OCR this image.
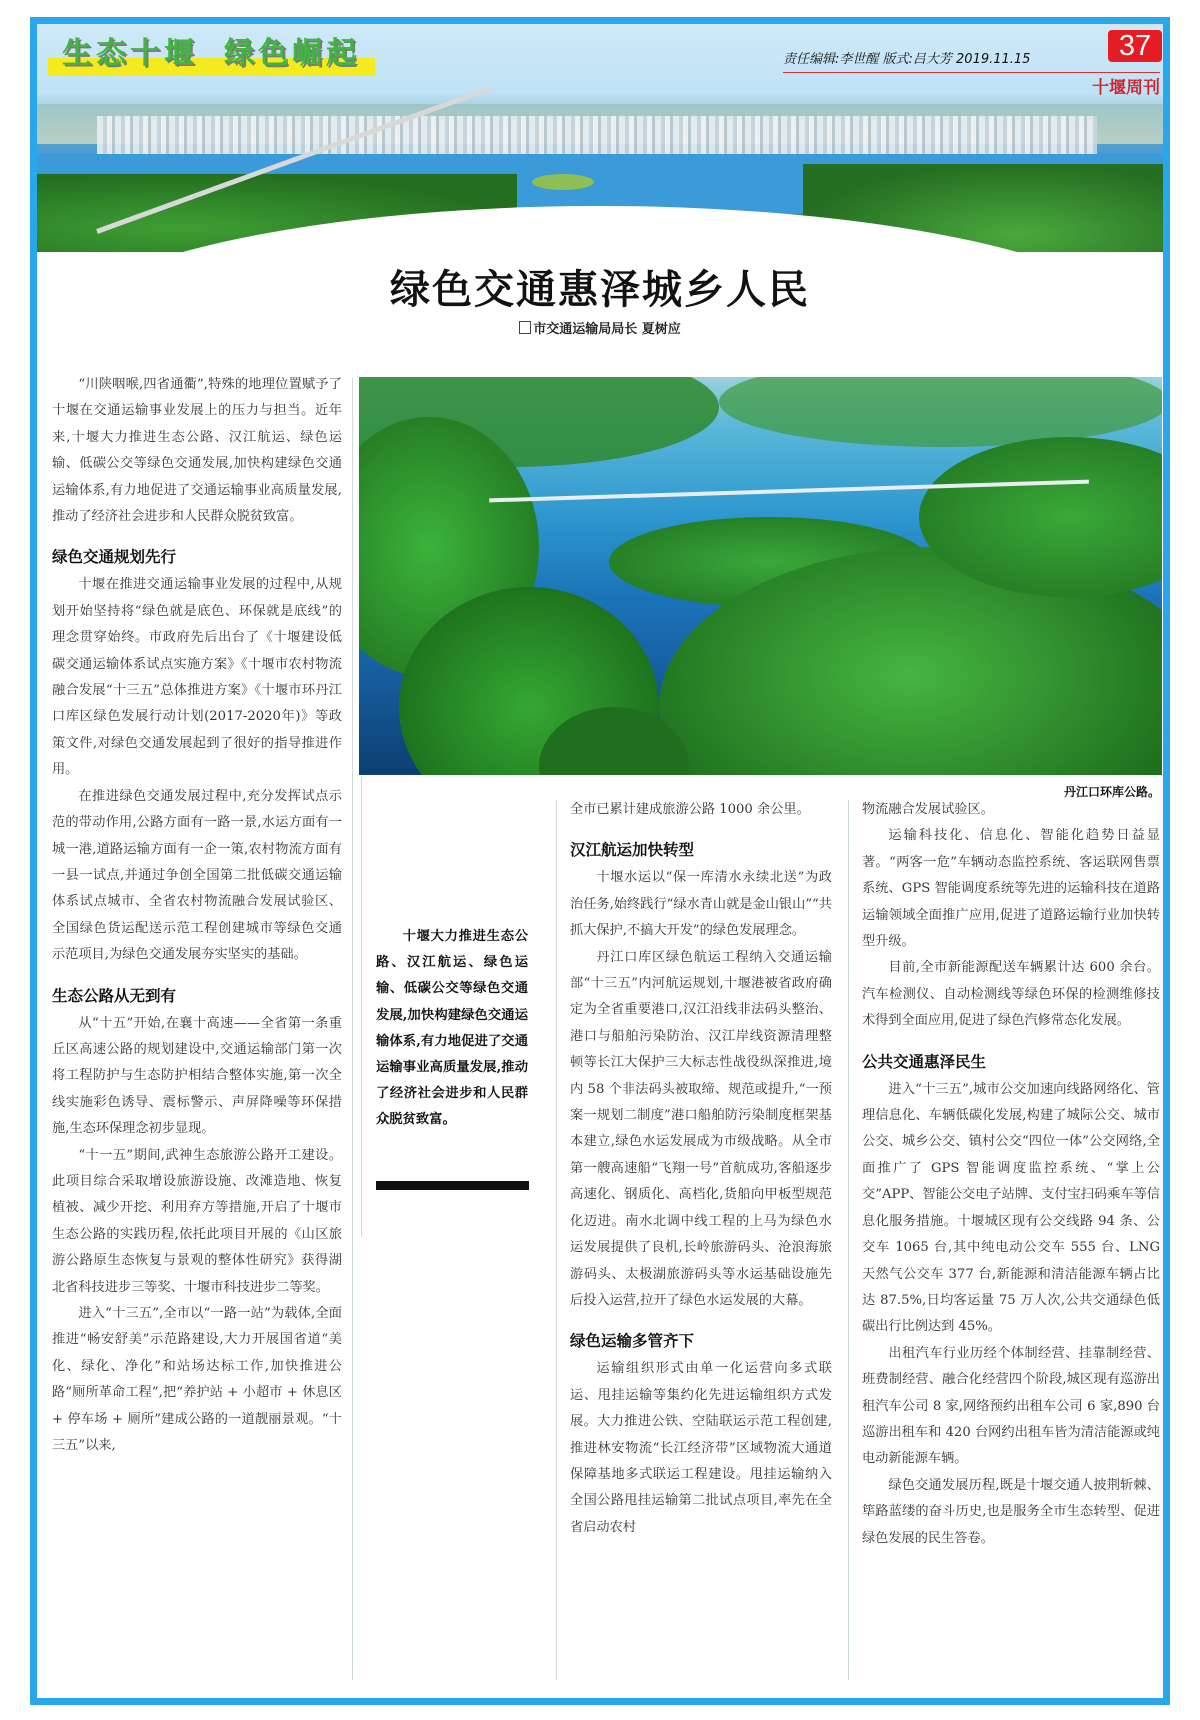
生态十堰 绿色崛起	责任编辑:李世醒 版式:吕大芳 2019.11.15	37
十堰周刊
绿色交通惠泽城乡人民
市交通运输局局长 夏树应

“川陕咽喉,四省通衢”,特殊的地理位置赋予了十堰在交通运输事业发展上的压力与担当。近年来,十堰大力推进生态公路、汉江航运、绿色运输、低碳公交等绿色交通发展,加快构建绿色交通运输体系,有力地促进了交通运输事业高质量发展,推动了经济社会进步和人民群众脱贫致富。

绿色交通规划先行

十堰在推进交通运输事业发展的过程中,从规划开始坚持将“绿色就是底色、环保就是底线”的理念贯穿始终。市政府先后出台了《十堰建设低碳交通运输体系试点实施方案》《十堰市农村物流融合发展“十三五”总体推进方案》《十堰市环丹江口库区绿色发展行动计划(2017-2020年)》等政策文件,对绿色交通发展起到了很好的指导推进作用。

在推进绿色交通发展过程中,充分发挥试点示范的带动作用,公路方面有一路一景,水运方面有一城一港,道路运输方面有一企一策,农村物流方面有一县一试点,并通过争创全国第二批低碳交通运输体系试点城市、全省农村物流融合发展试验区、全国绿色货运配送示范工程创建城市等绿色交通示范项目,为绿色交通发展夯实坚实的基础。

生态公路从无到有

从“十五”开始,在襄十高速——全省第一条重丘区高速公路的规划建设中,交通运输部门第一次将工程防护与生态防护相结合整体实施,第一次全线实施彩色诱导、震标警示、声屏降噪等环保措施,生态环保理念初步显现。

“十一五”期间,武神生态旅游公路开工建设。此项目综合采取增设旅游设施、改滩造地、恢复植被、减少开挖、利用弃方等措施,开启了十堰市生态公路的实践历程,依托此项目开展的《山区旅游公路原生态恢复与景观的整体性研究》获得湖北省科技进步三等奖、十堰市科技进步二等奖。

进入“十三五”,全市以“一路一站”为载体,全面推进“畅安舒美”示范路建设,大力开展国省道“美化、绿化、净化”和站场达标工作,加快推进公路“厕所革命工程”,把“养护站 + 小超市 + 休息区 + 停车场 + 厕所”建成公路的一道靓丽景观。“十三五”以来,

丹江口环库公路。

十堰大力推进生态公路、汉江航运、绿色运输、低碳公交等绿色交通发展,加快构建绿色交通运输体系,有力地促进了交通运输事业高质量发展,推动了经济社会进步和人民群众脱贫致富。

全市已累计建成旅游公路 1000 余公里。

汉江航运加快转型

十堰水运以“保一库清水永续北送”为政治任务,始终践行“绿水青山就是金山银山”“共抓大保护,不搞大开发”的绿色发展理念。

丹江口库区绿色航运工程纳入交通运输部“十三五”内河航运规划,十堰港被省政府确定为全省重要港口,汉江沿线非法码头整治、港口与船舶污染防治、汉江岸线资源清理整顿等长江大保护三大标志性战役纵深推进,境内 58 个非法码头被取缔、规范或提升,“一预案一规划二制度”港口船舶防污染制度框架基本建立,绿色水运发展成为市级战略。从全市第一艘高速船“飞翔一号”首航成功,客船逐步高速化、钢质化、高档化,货船向甲板型规范化迈进。南水北调中线工程的上马为绿色水运发展提供了良机,长岭旅游码头、沧浪海旅游码头、太极湖旅游码头等水运基础设施先后投入运营,拉开了绿色水运发展的大幕。

绿色运输多管齐下

运输组织形式由单一化运营向多式联运、甩挂运输等集约化先进运输组织方式发展。大力推进公铁、空陆联运示范工程创建,推进林安物流“长江经济带”区域物流大通道保障基地多式联运工程建设。甩挂运输纳入全国公路甩挂运输第二批试点项目,率先在全省启动农村

物流融合发展试验区。

运输科技化、信息化、智能化趋势日益显著。“两客一危”车辆动态监控系统、客运联网售票系统、GPS 智能调度系统等先进的运输科技在道路运输领域全面推广应用,促进了道路运输行业加快转型升级。

目前,全市新能源配送车辆累计达 600 余台。汽车检测仪、自动检测线等绿色环保的检测维修技术得到全面应用,促进了绿色汽修常态化发展。

公共交通惠泽民生

进入“十三五”,城市公交加速向线路网络化、管理信息化、车辆低碳化发展,构建了城际公交、城市公交、城乡公交、镇村公交“四位一体”公交网络,全面推广了 GPS 智能调度监控系统、“掌上公交”APP、智能公交电子站牌、支付宝扫码乘车等信息化服务措施。十堰城区现有公交线路 94 条、公交车 1065 台,其中纯电动公交车 555 台、LNG 天然气公交车 377 台,新能源和清洁能源车辆占比达 87.5%,日均客运量 75 万人次,公共交通绿色低碳出行比例达到 45%。

出租汽车行业历经个体制经营、挂靠制经营、班费制经营、融合化经营四个阶段,城区现有巡游出租汽车公司 8 家,网络预约出租车公司 6 家,890 台巡游出租车和 420 台网约出租车皆为清洁能源或纯电动新能源车辆。

绿色交通发展历程,既是十堰交通人披荆斩棘、筚路蓝缕的奋斗历史,也是服务全市生态转型、促进绿色发展的民生答卷。
